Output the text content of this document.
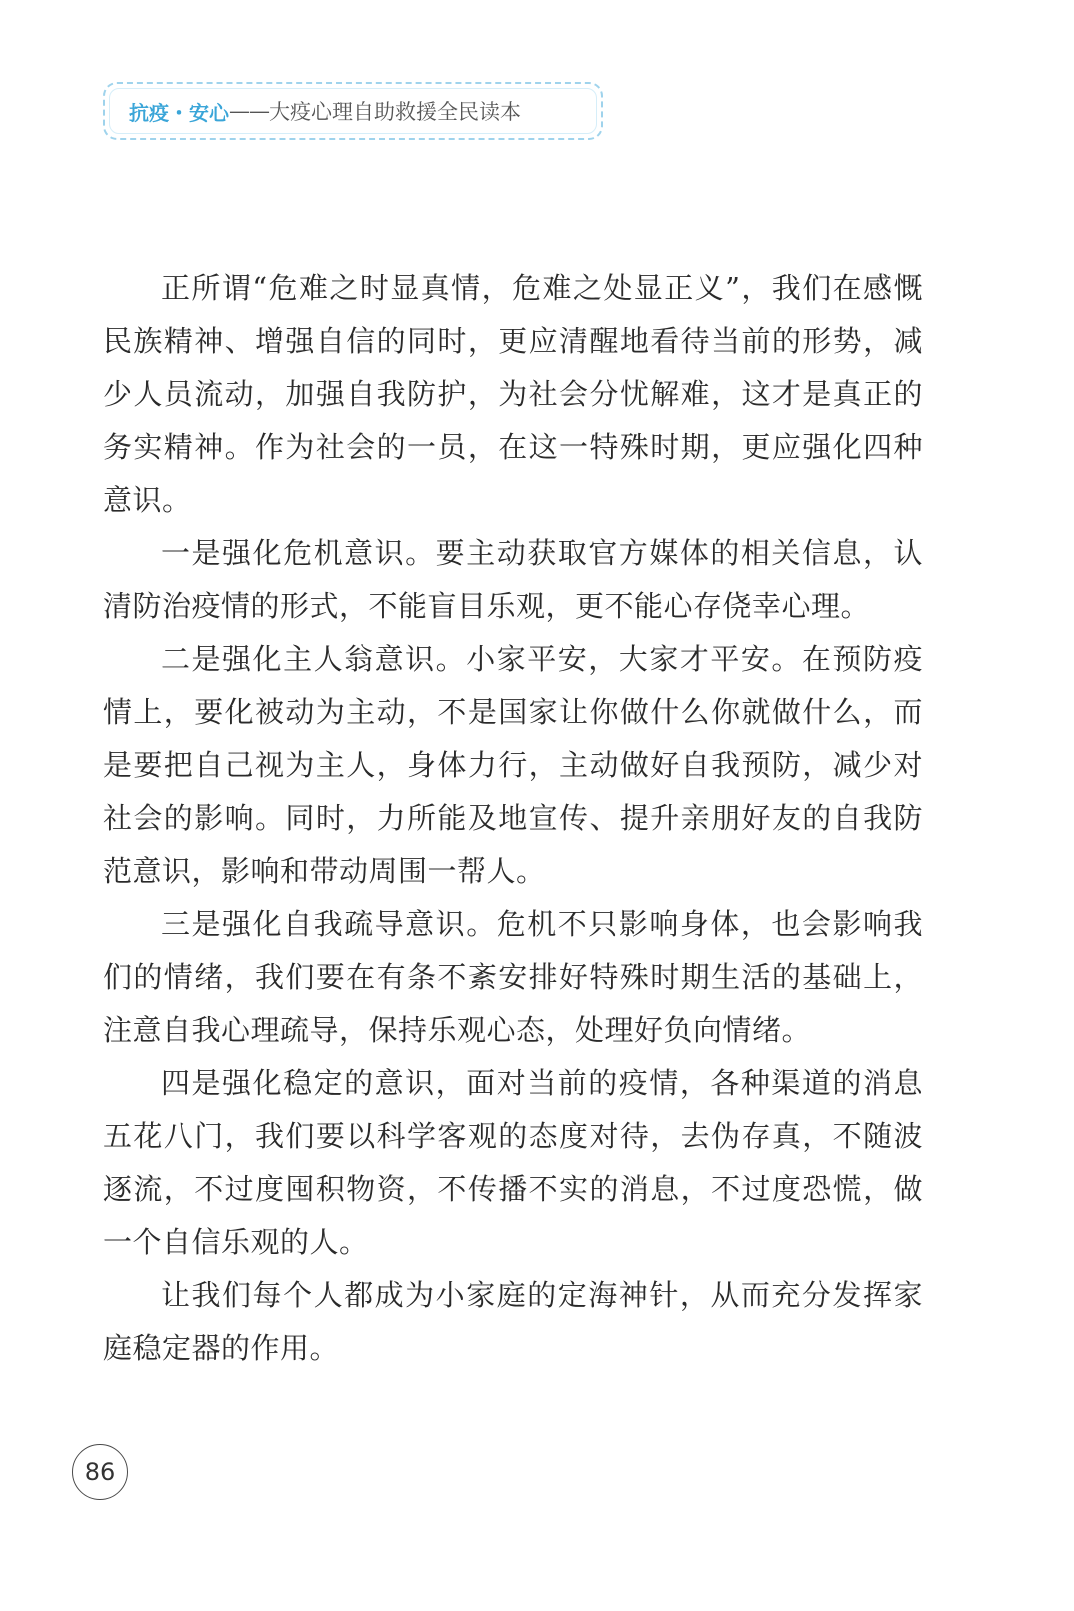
抗疫・安心 —— 大疫心理自助救援全民读本

正所谓“危难之时显真情，危难之处显正义”，我们在感慨民族精神、增强自信的同时，更应清醒地看待当前的形势，减少人员流动，加强自我防护，为社会分忧解难，这才是真正的务实精神。作为社会的一员，在这一特殊时期，更应强化四种意识。

一是强化危机意识。要主动获取官方媒体的相关信息，认清防治疫情的形式，不能盲目乐观，更不能心存侥幸心理。

二是强化主人翁意识。小家平安，大家才平安。在预防疫情上，要化被动为主动，不是国家让你做什么你就做什么，而是要把自己视为主人，身体力行，主动做好自我预防，减少对社会的影响。同时，力所能及地宣传、提升亲朋好友的自我防范意识，影响和带动周围一帮人。

三是强化自我疏导意识。危机不只影响身体，也会影响我们的情绪，我们要在有条不紊安排好特殊时期生活的基础上，注意自我心理疏导，保持乐观心态，处理好负向情绪。

四是强化稳定的意识，面对当前的疫情，各种渠道的消息五花八门，我们要以科学客观的态度对待，去伪存真，不随波逐流，不过度囤积物资，不传播不实的消息，不过度恐慌，做一个自信乐观的人。

让我们每个人都成为小家庭的定海神针，从而充分发挥家庭稳定器的作用。

86
